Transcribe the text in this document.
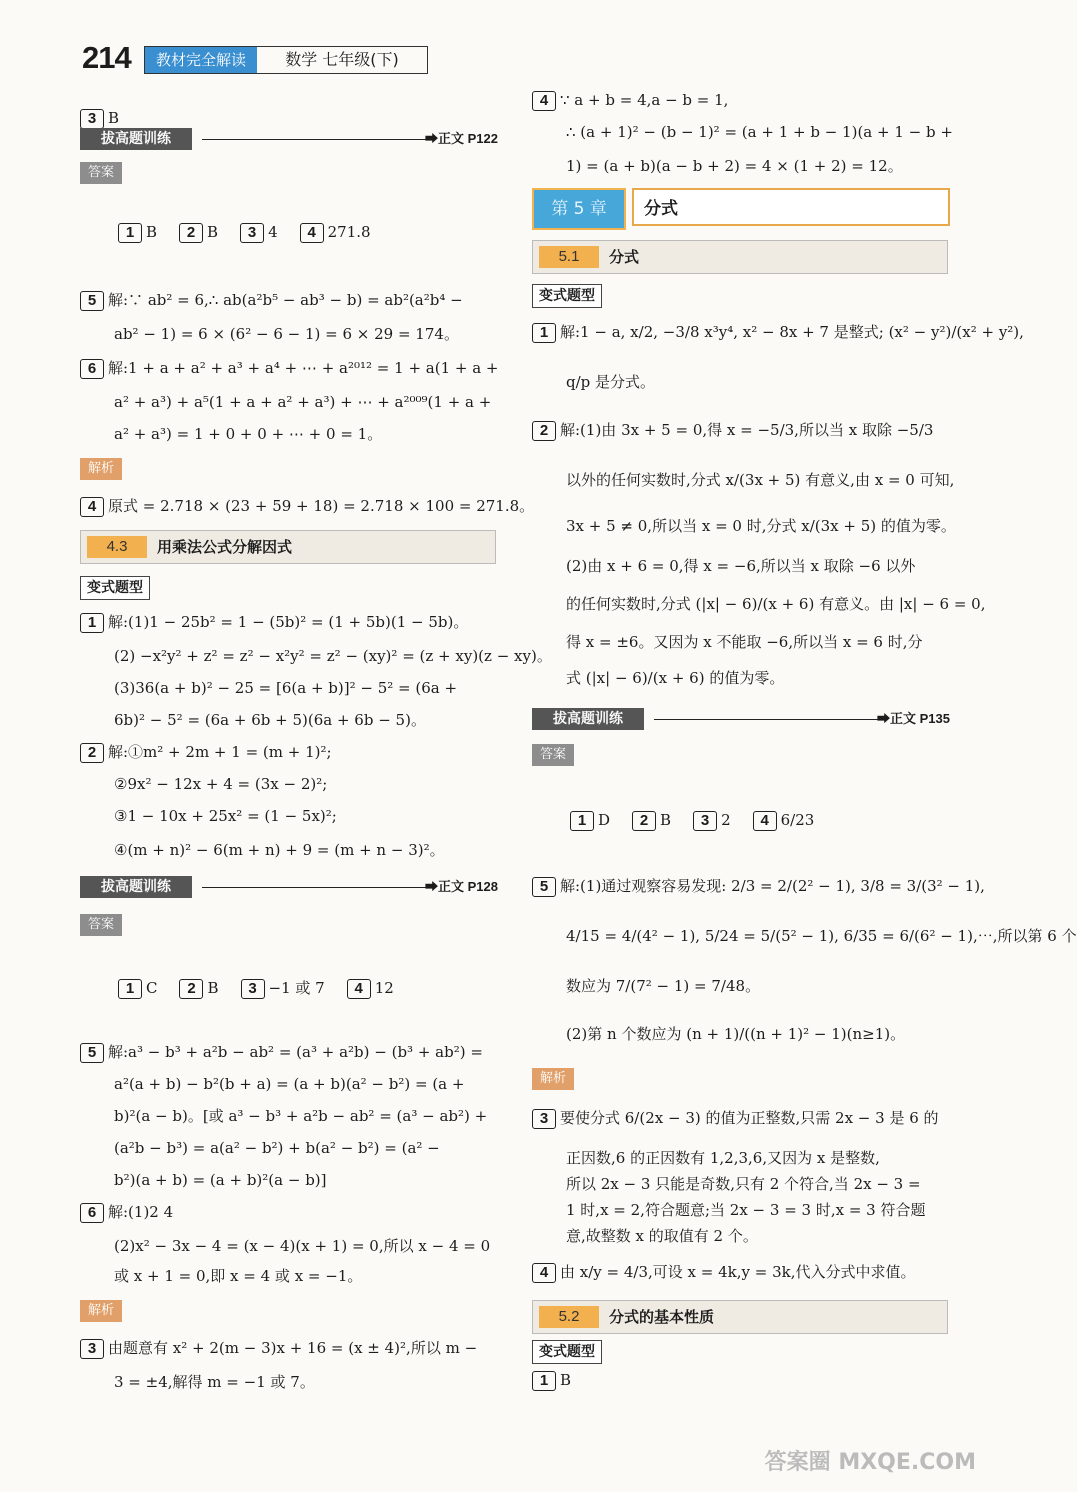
214	教材完全解读	数学 七年级(下)
3 B
拔高题训练	➡正文 P122
答案
1 B 2 B 3 4 4 271.8
5 解:∵ ab² = 6,∴ ab(a²b⁵ − ab³ − b) = ab²(a²b⁴ −
ab² − 1) = 6 × (6² − 6 − 1) = 6 × 29 = 174。
6 解:1 + a + a² + a³ + a⁴ + ⋯ + a²⁰¹² = 1 + a(1 + a +
a² + a³) + a⁵(1 + a + a² + a³) + ⋯ + a²⁰⁰⁹(1 + a +
a² + a³) = 1 + 0 + 0 + ⋯ + 0 = 1。
解析
4 原式 = 2.718 × (23 + 59 + 18) = 2.718 × 100 = 271.8。
4.3	用乘法公式分解因式
变式题型
1 解:(1)1 − 25b² = 1 − (5b)² = (1 + 5b)(1 − 5b)。
(2) −x²y² + z² = z² − x²y² = z² − (xy)² = (z + xy)(z − xy)。
(3)36(a + b)² − 25 = [6(a + b)]² − 5² = (6a +
6b)² − 5² = (6a + 6b + 5)(6a + 6b − 5)。
2 解:①m² + 2m + 1 = (m + 1)²;
②9x² − 12x + 4 = (3x − 2)²;
③1 − 10x + 25x² = (1 − 5x)²;
④(m + n)² − 6(m + n) + 9 = (m + n − 3)²。
拔高题训练	➡正文 P128
答案
1 C 2 B 3 −1 或 7 4 12
5 解:a³ − b³ + a²b − ab² = (a³ + a²b) − (b³ + ab²) =
a²(a + b) − b²(b + a) = (a + b)(a² − b²) = (a +
b)²(a − b)。[或 a³ − b³ + a²b − ab² = (a³ − ab²) +
(a²b − b³) = a(a² − b²) + b(a² − b²) = (a² −
b²)(a + b) = (a + b)²(a − b)]
6 解:(1)2 4
(2)x² − 3x − 4 = (x − 4)(x + 1) = 0,所以 x − 4 = 0
或 x + 1 = 0,即 x = 4 或 x = −1。
解析
3 由题意有 x² + 2(m − 3)x + 16 = (x ± 4)²,所以 m −
3 = ±4,解得 m = −1 或 7。
4 ∵ a + b = 4,a − b = 1,
∴ (a + 1)² − (b − 1)² = (a + 1 + b − 1)(a + 1 − b +
1) = (a + b)(a − b + 2) = 4 × (1 + 2) = 12。
第 5 章	分式
5.1	分式
变式题型
1 解:1 − a, x/2, −3/8 x³y⁴, x² − 8x + 7 是整式; (x² − y²)/(x² + y²),
q/p 是分式。
2 解:(1)由 3x + 5 = 0,得 x = −5/3,所以当 x 取除 −5/3
以外的任何实数时,分式 x/(3x + 5) 有意义,由 x = 0 可知,
3x + 5 ≠ 0,所以当 x = 0 时,分式 x/(3x + 5) 的值为零。
(2)由 x + 6 = 0,得 x = −6,所以当 x 取除 −6 以外
的任何实数时,分式 (|x| − 6)/(x + 6) 有意义。由 |x| − 6 = 0,
得 x = ±6。又因为 x 不能取 −6,所以当 x = 6 时,分
式 (|x| − 6)/(x + 6) 的值为零。
拔高题训练	➡正文 P135
答案
1 D 2 B 3 2 4 6/23
5 解:(1)通过观察容易发现: 2/3 = 2/(2² − 1), 3/8 = 3/(3² − 1),
4/15 = 4/(4² − 1), 5/24 = 5/(5² − 1), 6/35 = 6/(6² − 1),⋯,所以第 6 个
数应为 7/(7² − 1) = 7/48。
(2)第 n 个数应为 (n + 1)/((n + 1)² − 1)(n≥1)。
解析
3 要使分式 6/(2x − 3) 的值为正整数,只需 2x − 3 是 6 的
正因数,6 的正因数有 1,2,3,6,又因为 x 是整数,
所以 2x − 3 只能是奇数,只有 2 个符合,当 2x − 3 =
1 时,x = 2,符合题意;当 2x − 3 = 3 时,x = 3 符合题
意,故整数 x 的取值有 2 个。
4 由 x/y = 4/3,可设 x = 4k,y = 3k,代入分式中求值。
5.2	分式的基本性质
变式题型
1 B
答案圈 MXQE.COM
